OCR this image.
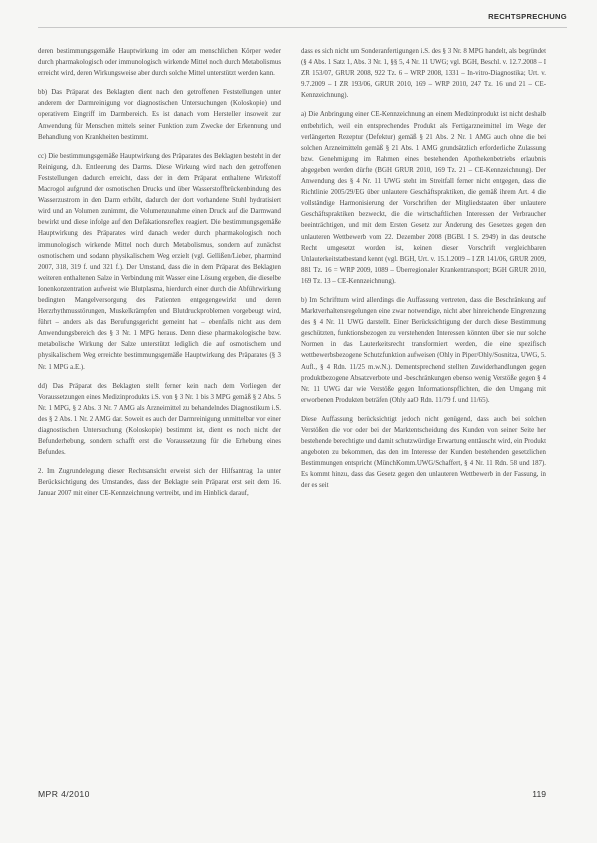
RECHTSPRECHUNG

deren bestimmungsgemäße Hauptwirkung im oder am menschlichen Körper weder durch pharmakologisch oder immunologisch wirkende Mittel noch durch Metabolismus erreicht wird, deren Wirkungsweise aber durch solche Mittel unterstützt werden kann.

bb) Das Präparat des Beklagten dient nach den getroffenen Feststellungen unter anderem der Darmreinigung vor diagnostischen Untersuchungen (Koloskopie) und operativem Eingriff im Darmbereich. Es ist danach vom Hersteller insoweit zur Anwendung für Menschen mittels seiner Funktion zum Zwecke der Erkennung und Behandlung von Krankheiten bestimmt.

cc) Die bestimmungsgemäße Hauptwirkung des Präparates des Beklagten besteht in der Reinigung, d.h. Entleerung des Darms. Diese Wirkung wird nach den getroffenen Feststellungen dadurch erreicht, dass der in dem Präparat enthaltene Wirkstoff Macrogol aufgrund der osmotischen Drucks und über Wasserstoffbrückenbindung des Wasserzustrom in den Darm erhöht, dadurch der dort vorhandene Stuhl hydratisiert wird und an Volumen zunimmt, die Volumenzunahme einen Druck auf die Darmwand bewirkt und diese infolge auf den Defäkationsreflex reagiert. Die bestimmungsgemäße Hauptwirkung des Präparates wird danach weder durch pharmakologisch noch immunologisch wirkende Mittel noch durch Metabolismus, sondern auf zunächst osmotischem und sodann physikalischem Weg erzielt (vgl. Gellißen/Lieber, pharmind 2007, 318, 319 f. und 321 f.). Der Umstand, dass die in dem Präparat des Beklagten weiteren enthaltenen Salze in Verbindung mit Wasser eine Lösung ergeben, die dieselbe Ionenkonzentration aufweist wie Blutplasma, hierdurch einer durch die Abführwirkung bedingten Mangelversorgung des Patienten entgegengewirkt und deren Herzrhythmusstörungen, Muskelkrämpfen und Blutdruckproblemen vorgebeugt wird, führt – anders als das Berufungsgericht gemeint hat – ebenfalls nicht aus dem Anwendungsbereich des § 3 Nr. 1 MPG heraus. Denn diese pharmakologische bzw. metabolische Wirkung der Salze unterstützt lediglich die auf osmotischem und physikalischem Weg erreichte bestimmungsgemäße Hauptwirkung des Präparates (§ 3 Nr. 1 MPG a.E.).

dd) Das Präparat des Beklagten stellt ferner kein nach dem Vorliegen der Voraussetzungen eines Medizinprodukts i.S. von § 3 Nr. 1 bis 3 MPG gemäß § 2 Abs. 5 Nr. 1 MPG, § 2 Abs. 3 Nr. 7 AMG als Arzneimittel zu behandelndes Diagnostikum i.S. des § 2 Abs. 1 Nr. 2 AMG dar. Soweit es auch der Darmreinigung unmittelbar vor einer diagnostischen Untersuchung (Koloskopie) bestimmt ist, dient es noch nicht der Befunderhebung, sondern schafft erst die Voraussetzung für die Erhebung eines Befundes.

2. Im Zugrundelegung dieser Rechtsansicht erweist sich der Hilfsantrag 1a unter Berücksichtigung des Umstandes, dass der Beklagte sein Präparat erst seit dem 16. Januar 2007 mit einer CE-Kennzeichnung vertreibt, und im Hinblick darauf,

dass es sich nicht um Sonderanfertigungen i.S. des § 3 Nr. 8 MPG handelt, als begründet (§ 4 Abs. 1 Satz 1, Abs. 3 Nr. 1, §§ 5, 4 Nr. 11 UWG; vgl. BGH, Beschl. v. 12.7.2008 – I ZR 153/07, GRUR 2008, 922 Tz. 6 – WRP 2008, 1331 – In-vitro-Diagnostika; Urt. v. 9.7.2009 – I ZR 193/06, GRUR 2010, 169 – WRP 2010, 247 Tz. 16 und 21 – CE-Kennzeichnung).

a) Die Anbringung einer CE-Kennzeichnung an einem Medizinprodukt ist nicht deshalb entbehrlich, weil ein entsprechendes Produkt als Fertigarzneimittel im Wege der verlängerten Rezeptur (Defektur) gemäß § 21 Abs. 2 Nr. 1 AMG auch ohne die bei solchen Arzneimitteln gemäß § 21 Abs. 1 AMG grundsätzlich erforderliche Zulassung bzw. Genehmigung im Rahmen eines bestehenden Apothekenbetriebs erlaubnis abgegeben werden dürfte (BGH GRUR 2010, 169 Tz. 21 – CE-Kennzeichnung). Der Anwendung des § 4 Nr. 11 UWG steht im Streitfall ferner nicht entgegen, dass die Richtlinie 2005/29/EG über unlautere Geschäftspraktiken, die gemäß ihrem Art. 4 die vollständige Harmonisierung der Vorschriften der Mitgliedstaaten über unlautere Geschäftspraktiken bezweckt, die die wirtschaftlichen Interessen der Verbraucher beeinträchtigen, und mit dem Ersten Gesetz zur Änderung des Gesetzes gegen den unlauteren Wettbewerb vom 22. Dezember 2008 (BGBl. I S. 2949) in das deutsche Recht umgesetzt worden ist, keinen dieser Vorschrift vergleichbaren Unlauterkeitstatbestand kennt (vgl. BGH, Urt. v. 15.1.2009 – I ZR 141/06, GRUR 2009, 881 Tz. 16 = WRP 2009, 1089 – Überregionaler Krankentransport; BGH GRUR 2010, 169 Tz. 13 – CE-Kennzeichnung).

b) Im Schrifttum wird allerdings die Auffassung vertreten, dass die Beschränkung auf Marktverhaltensregelungen eine zwar notwendige, nicht aber hinreichende Eingrenzung des § 4 Nr. 11 UWG darstellt. Einer Berücksichtigung der durch diese Bestimmung geschützten, funktionsbezogen zu verstehenden Interessen könnten über sie nur solche Normen in das Lauterkeitsrecht transformiert werden, die eine spezifisch wettbewerbsbezogene Schutzfunktion aufweisen (Ohly in Piper/Ohly/Sosnitza, UWG, 5. Aufl., § 4 Rdn. 11/25 m.w.N.). Dementsprechend stellten Zuwiderhandlungen gegen produktbezogene Absatzverbote und -beschränkungen ebenso wenig Verstöße gegen § 4 Nr. 11 UWG dar wie Verstöße gegen Informationspflichten, die den Umgang mit erworbenen Produkten beträfen (Ohly aaO Rdn. 11/79 f. und 11/65).

Diese Auffassung berücksichtigt jedoch nicht genügend, dass auch bei solchen Verstößen die vor oder bei der Marktentscheidung des Kunden von seiner Seite her bestehende berechtigte und damit schutzwürdige Erwartung enttäuscht wird, ein Produkt angeboten zu bekommen, das den im Interesse der Kunden bestehenden gesetzlichen Bestimmungen entspricht (MünchKomm.UWG/Schaffert, § 4 Nr. 11 Rdn. 58 und 187). Es kommt hinzu, dass das Gesetz gegen den unlauteren Wettbewerb in der Fassung, in der es seit

MPR 4/2010	119
